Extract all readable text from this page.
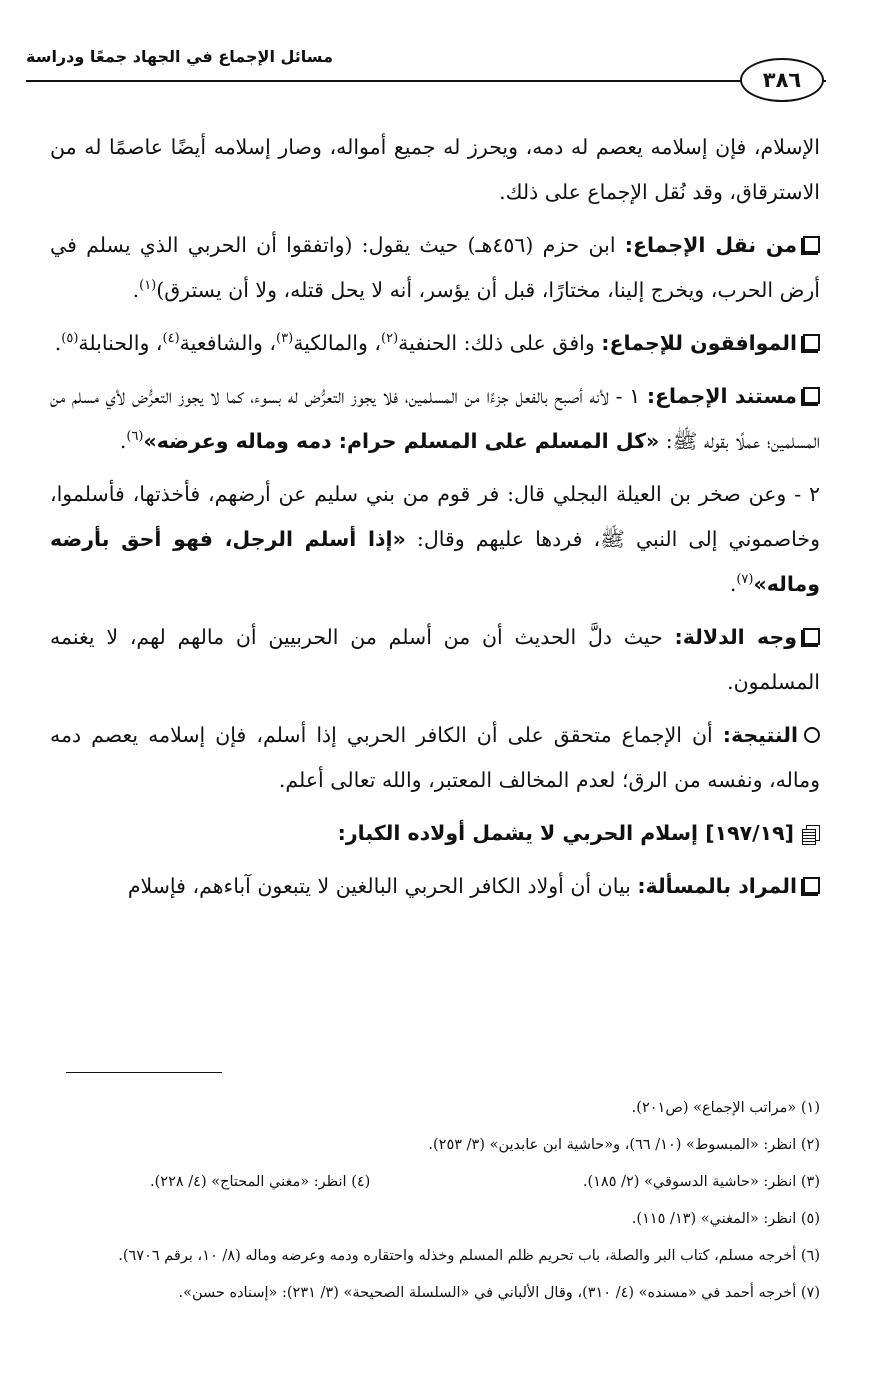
مسائل الإجماع في الجهاد جمعًا ودراسة
٣٨٦

الإسلام، فإن إسلامه يعصم له دمه، ويحرز له جميع أمواله، وصار إسلامه أيضًا عاصمًا له من الاسترقاق، وقد نُقل الإجماع على ذلك.

من نقل الإجماع: ابن حزم (٤٥٦هـ) حيث يقول: (واتفقوا أن الحربي الذي يسلم في أرض الحرب، ويخرج إلينا، مختارًا، قبل أن يؤسر، أنه لا يحل قتله، ولا أن يسترق)$^{(١)}$.

الموافقون للإجماع: وافق على ذلك: الحنفية$^{(٢)}$، والمالكية$^{(٣)}$، والشافعية$^{(٤)}$، والحنابلة$^{(٥)}$.

مستند الإجماع: ١ - لأنه أصبح بالفعل جزءًا من المسلمين، فلا يجوز التعرُّض له بسوء، كما لا يجوز التعرُّض لأي مسلم من المسلمين؛ عملًا بقوله ﷺ: «كل المسلم على المسلم حرام: دمه وماله وعرضه»$^{(٦)}$.

٢ - وعن صخر بن العيلة البجلي قال: فر قوم من بني سليم عن أرضهم، فأخذتها، فأسلموا، وخاصموني إلى النبي ﷺ، فردها عليهم وقال: «إذا أسلم الرجل، فهو أحق بأرضه وماله»$^{(٧)}$.

وجه الدلالة: حيث دلَّ الحديث أن من أسلم من الحربيين أن مالهم لهم، لا يغنمه المسلمون.

النتيجة: أن الإجماع متحقق على أن الكافر الحربي إذا أسلم، فإن إسلامه يعصم دمه وماله، ونفسه من الرق؛ لعدم المخالف المعتبر، والله تعالى أعلم.

[١٩٧/١٩] إسلام الحربي لا يشمل أولاده الكبار:

المراد بالمسألة: بيان أن أولاد الكافر الحربي البالغين لا يتبعون آباءهم، فإسلام

(١) «مراتب الإجماع» (ص٢٠١).

(٢) انظر: «المبسوط» (١٠/ ٦٦)، و«حاشية ابن عابدين» (٣/ ٢٥٣).

(٣) انظر: «حاشية الدسوقي» (٢/ ١٨٥).

(٤) انظر: «مغني المحتاج» (٤/ ٢٢٨).

(٥) انظر: «المغني» (١٣/ ١١٥).

(٦) أخرجه مسلم، كتاب البر والصلة، باب تحريم ظلم المسلم وخذله واحتقاره ودمه وعرضه وماله (٨/ ١٠، برقم ٦٧٠٦).

(٧) أخرجه أحمد في «مسنده» (٤/ ٣١٠)، وقال الألباني في «السلسلة الصحيحة» (٣/ ٢٣١): «إسناده حسن».
